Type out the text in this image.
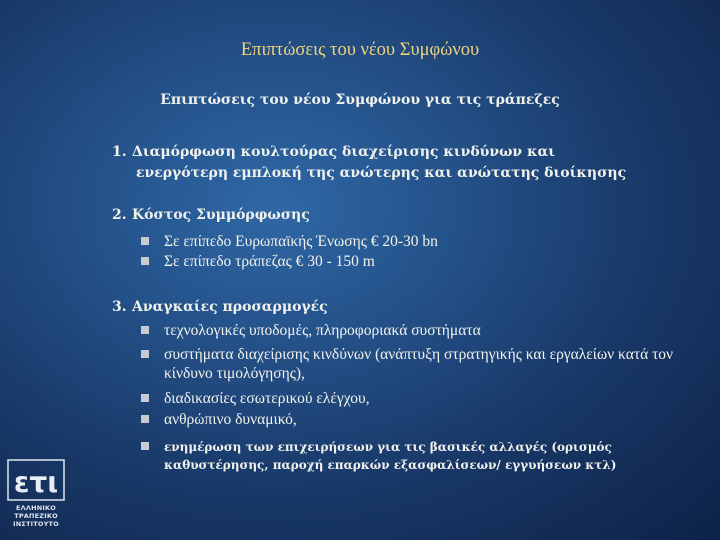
Επιπτώσεις του νέου Συμφώνου
Επιπτώσεις του νέου Συμφώνου για τις τράπεζες
1. Διαμόρφωση κουλτούρας διαχείρισης κινδύνων και
ενεργότερη εμπλοκή της ανώτερης και ανώτατης διοίκησης
2. Κόστος Συμμόρφωσης
Σε επίπεδο Ευρωπαϊκής Ένωσης € 20-30 bn
Σε επίπεδο τράπεζας € 30 - 150 m
3. Αναγκαίες προσαρμογές
τεχνολογικές υποδομές, πληροφοριακά συστήματα
συστήματα διαχείρισης κινδύνων (ανάπτυξη στρατηγικής και εργαλείων κατά τον κίνδυνο τιμολόγησης),
διαδικασίες εσωτερικού ελέγχου,
ανθρώπινο δυναμικό,
ενημέρωση των επιχειρήσεων για τις βασικές αλλαγές (ορισμός καθυστέρησης, παροχή επαρκών εξασφαλίσεων/ εγγυήσεων κτλ)
ετι
ΕΛΛΗΝΙΚΟ
ΤΡΑΠΕΖΙΚΟ
ΙΝΣΤΙΤΟΥΤΟ
